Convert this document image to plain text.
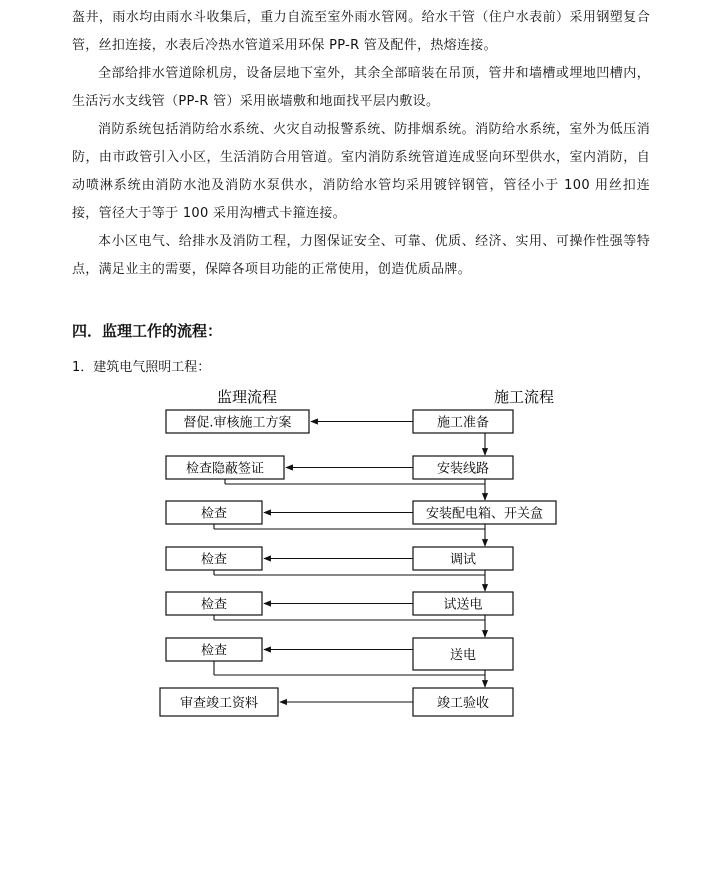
盔井，雨水均由雨水斗收集后，重力自流至室外雨水管网。给水干管（住户水表前）采用钢塑复合管，丝扣连接，水表后冷热水管道采用环保 PP-R 管及配件，热熔连接。

全部给排水管道除机房，设备层地下室外，其余全部暗装在吊顶，管井和墙槽或埋地凹槽内，生活污水支线管（PP-R 管）采用嵌墙敷和地面找平层内敷设。

消防系统包括消防给水系统、火灾自动报警系统、防排烟系统。消防给水系统，室外为低压消防，由市政管引入小区，生活消防合用管道。室内消防系统管道连成竖向环型供水，室内消防，自动喷淋系统由消防水池及消防水泵供水，消防给水管均采用镀锌钢管，管径小于 100 用丝扣连接，管径大于等于 100 采用沟槽式卡箍连接。

本小区电气、给排水及消防工程，力图保证安全、可靠、优质、经济、实用、可操作性强等特点，满足业主的需要，保障各项目功能的正常使用，创造优质品牌。

四．监理工作的流程：

1．建筑电气照明工程：

监理流程	施工流程
督促.审核施工方案	施工准备
检查隐蔽签证	安装线路
检查	安装配电箱、开关盒
检查	调试
检查	试送电
检查	送电
审查竣工资料	竣工验收
